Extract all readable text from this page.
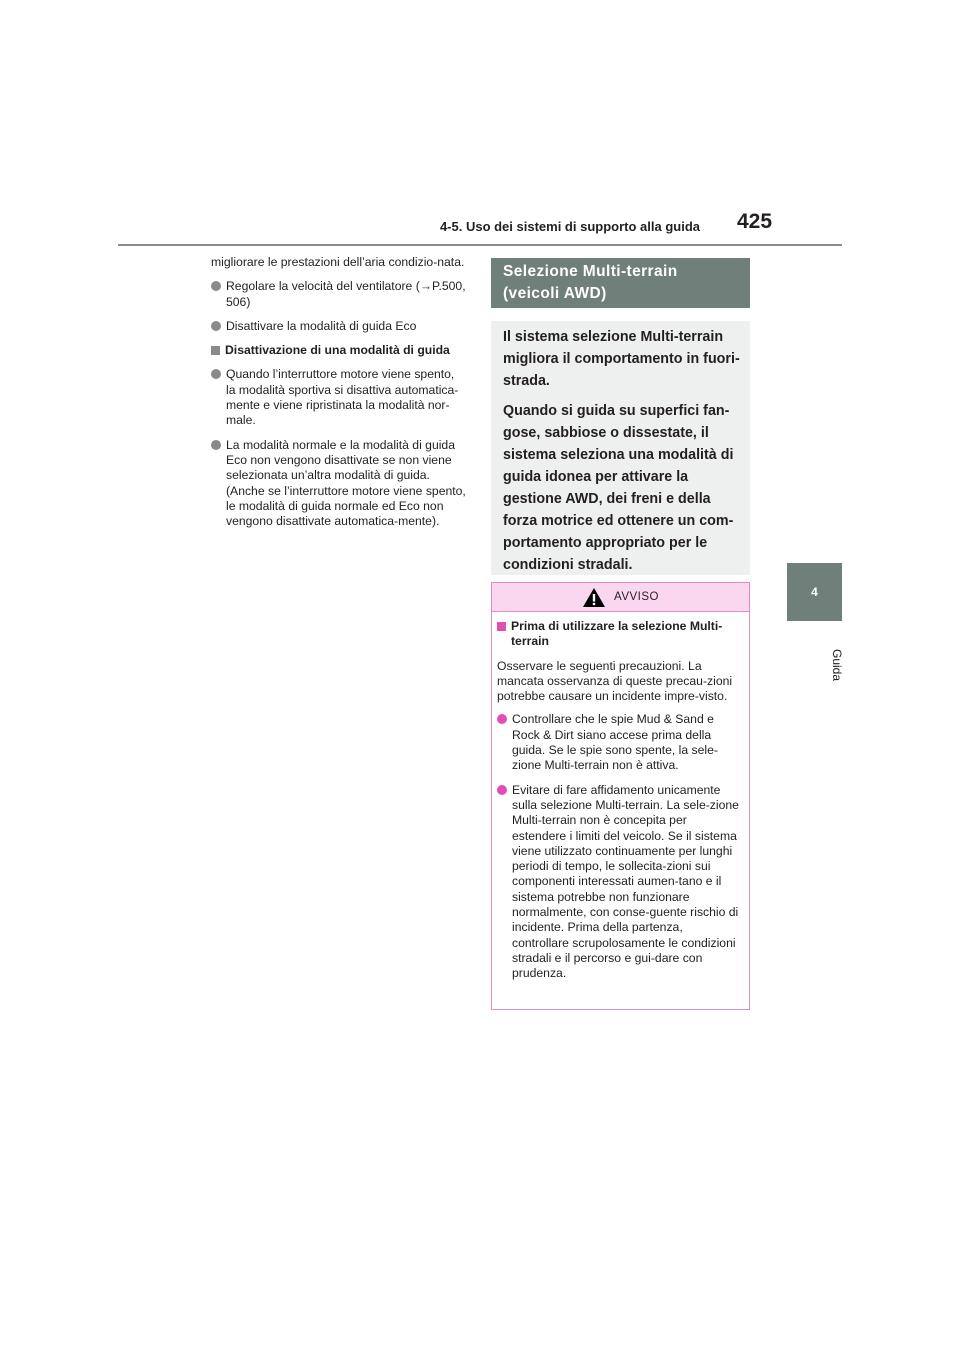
4-5. Uso dei sistemi di supporto alla guida 425
4
Guida

migliorare le prestazioni dell’aria condizio-nata.

Regolare la velocità del ventilatore (→P.500, 506)
Disattivare la modalità di guida Eco
Disattivazione di una modalità di guida
Quando l’interruttore motore viene spento, la modalità sportiva si disattiva automatica-mente e viene ripristinata la modalità nor-male.
La modalità normale e la modalità di guida Eco non vengono disattivate se non viene selezionata un’altra modalità di guida. (Anche se l’interruttore motore viene spento, le modalità di guida normale ed Eco non vengono disattivate automatica-mente).
Selezione Multi-terrain (veicoli AWD)

Il sistema selezione Multi-terrain migliora il comportamento in fuori-strada.

Quando si guida su superfici fan-gose, sabbiose o dissestate, il sistema seleziona una modalità di guida idonea per attivare la gestione AWD, dei freni e della forza motrice ed ottenere un com-portamento appropriato per le condizioni stradali.

AVVISO
Prima di utilizzare la selezione Multi-terrain

Osservare le seguenti precauzioni. La mancata osservanza di queste precau-zioni potrebbe causare un incidente impre-visto.

Controllare che le spie Mud & Sand e Rock & Dirt siano accese prima della guida. Se le spie sono spente, la sele-zione Multi-terrain non è attiva.
Evitare di fare affidamento unicamente sulla selezione Multi-terrain. La sele-zione Multi-terrain non è concepita per estendere i limiti del veicolo. Se il sistema viene utilizzato continuamente per lunghi periodi di tempo, le sollecita-zioni sui componenti interessati aumen-tano e il sistema potrebbe non funzionare normalmente, con conse-guente rischio di incidente. Prima della partenza, controllare scrupolosamente le condizioni stradali e il percorso e gui-dare con prudenza.
